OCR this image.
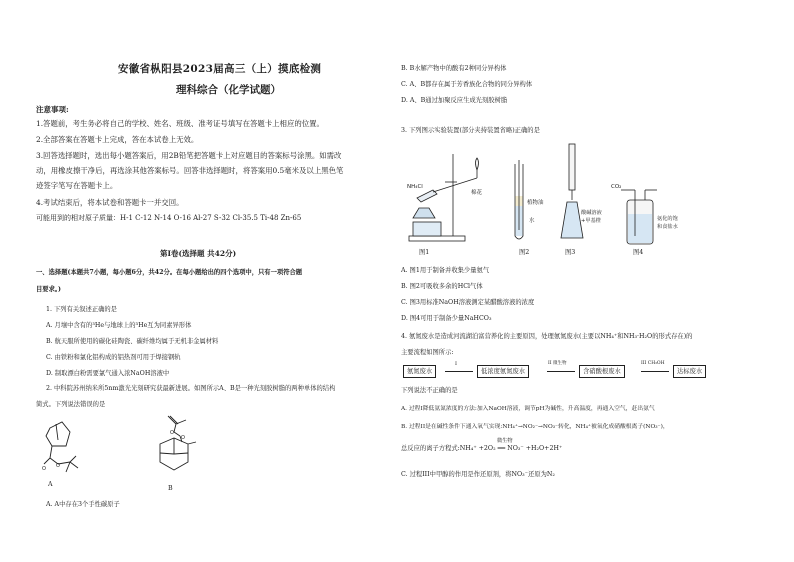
安徽省枞阳县2023届高三（上）摸底检测
理科综合（化学试题）
注意事项:
1.答题前，考生务必将自己的学校、姓名、班级、准考证号填写在答题卡上相应的位置。
2.全部答案在答题卡上完成，答在本试卷上无效。
3.回答选择题时，选出每小题答案后，用2B铅笔把答题卡上对应题目的答案标号涂黑。如需改
动，用橡皮擦干净后，再选涂其他答案标号。回答非选择题时，将答案用0.5毫米及以上黑色笔
迹签字笔写在答题卡上。
4.考试结束后，将本试卷和答题卡一并交回。
可能用到的相对原子质量：H-1 C-12 N-14 O-16 Al-27 S-32 Cl-35.5 Ti-48 Zn-65
第Ⅰ卷(选择题 共42分)
一、选择题(本题共7小题，每小题6分，共42分。在每小题给出的四个选项中，只有一项符合题
目要求。)
1. 下列有关叙述正确的是
A. 月壤中含有的³He与地球上的³He互为同素异形体
B. 航天服所使用的碳化硅陶瓷、碳纤维均属于无机非金属材料
C. 由铁粉和氯化铝构成的铝热剂可用于焊接钢轨
D. 制取漂白粉需要氯气通入浓NaOH溶液中
2. 中科院苏州纳米所5nm激光光刻研究获最新进展。如图所示A、B是一种光刻胶树脂的两种单体的结构
简式。下列说法错误的是
O
O
A
O
O
B
A. A中存在3个手性碳原子
B. B水解产物中的酸有2种同分异构体
C. A、B都存在属于芳香族化合物的同分异构体
D. A、B通过加聚反应生成光刻胶树脂
3. 下列图示实验装置(部分夹持装置省略)正确的是
NH₄Cl
棉花
图1
植物油
水
图2
酸碱溶液
+甲基橙
图3
CO₂
氨化的饱
和食盐水
图4
A. 图1用于制备并收集少量氨气
B. 图2可吸收多余的HCl气体
C. 图3用标准NaOH溶液测定某醋酸溶液的浓度
D. 图4可用于制备少量NaHCO₃
4. 氨氮废水是造成河流湖泊富营养化的主要原因，处理氨氮废水(主要以NH₄⁺和NH₃·H₂O的形式存在)的
主要流程如图所示:
氨氮废水
I
低浓度氨氮废水
II 微生物
含硝酸根废水
III CH₃OH
达标废水
下列说法不正确的是
A. 过程I降低氨氮浓度的方法:加入NaOH溶液，调节pH为碱性，升高温度，再通入空气，赶出氨气
B. 过程II是在碱性条件下通入氧气实现:NH₄⁺→NO₂⁻→NO₃⁻转化，NH₄⁺被氧化成硝酸根离子(NO₃⁻)，
微生物
总反应的离子方程式:NH₄⁺ +2O₂ ══ NO₃⁻ +H₂O+2H⁺
C. 过程III中甲醇的作用是作还原剂，将NO₃⁻还原为N₂
